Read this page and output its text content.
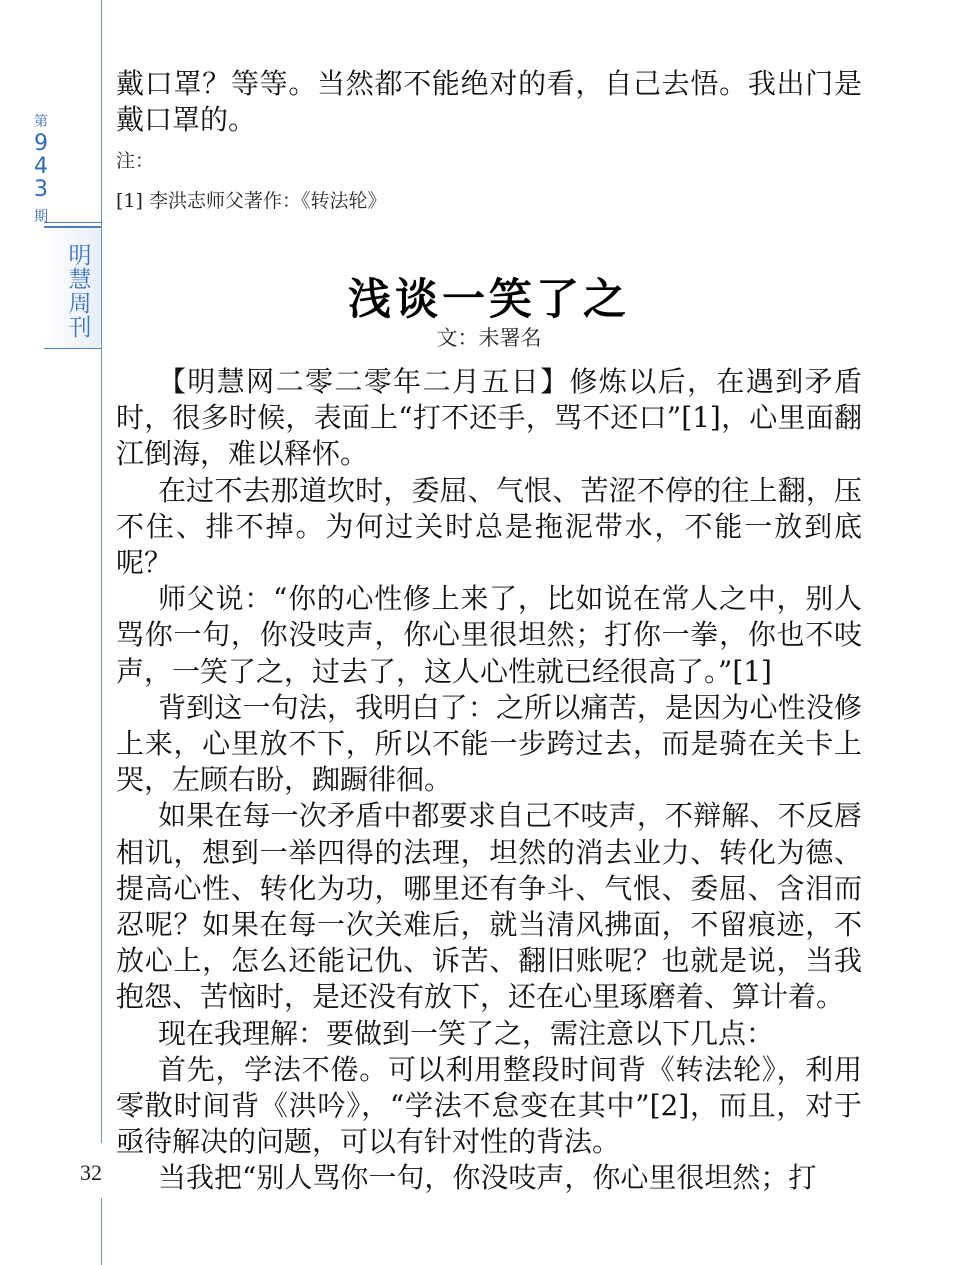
第
9
4
3
期
明
慧
周
刊
32

戴口罩？等等。当然都不能绝对的看，自己去悟。我出门是戴口罩的。

注：
[1] 李洪志师父著作：《转法轮》
浅谈一笑了之
文：未署名

【明慧网二零二零年二月五日】修炼以后，在遇到矛盾时，很多时候，表面上“打不还手，骂不还口”[1]，心里面翻江倒海，难以释怀。

在过不去那道坎时，委屈、气恨、苦涩不停的往上翻，压不住、排不掉。为何过关时总是拖泥带水，不能一放到底呢？

师父说：“你的心性修上来了，比如说在常人之中，别人骂你一句，你没吱声，你心里很坦然；打你一拳，你也不吱声，一笑了之，过去了，这人心性就已经很高了。”[1]

背到这一句法，我明白了：之所以痛苦，是因为心性没修上来，心里放不下，所以不能一步跨过去，而是骑在关卡上哭，左顾右盼，踟蹰徘徊。

如果在每一次矛盾中都要求自己不吱声，不辩解、不反唇相讥，想到一举四得的法理，坦然的消去业力、转化为德、提高心性、转化为功，哪里还有争斗、气恨、委屈、含泪而忍呢？如果在每一次关难后，就当清风拂面，不留痕迹，不放心上，怎么还能记仇、诉苦、翻旧账呢？也就是说，当我抱怨、苦恼时，是还没有放下，还在心里琢磨着、算计着。

现在我理解：要做到一笑了之，需注意以下几点：

首先，学法不倦。可以利用整段时间背《转法轮》，利用零散时间背《洪吟》，“学法不怠变在其中”[2]，而且，对于亟待解决的问题，可以有针对性的背法。

当我把“别人骂你一句，你没吱声，你心里很坦然；打
